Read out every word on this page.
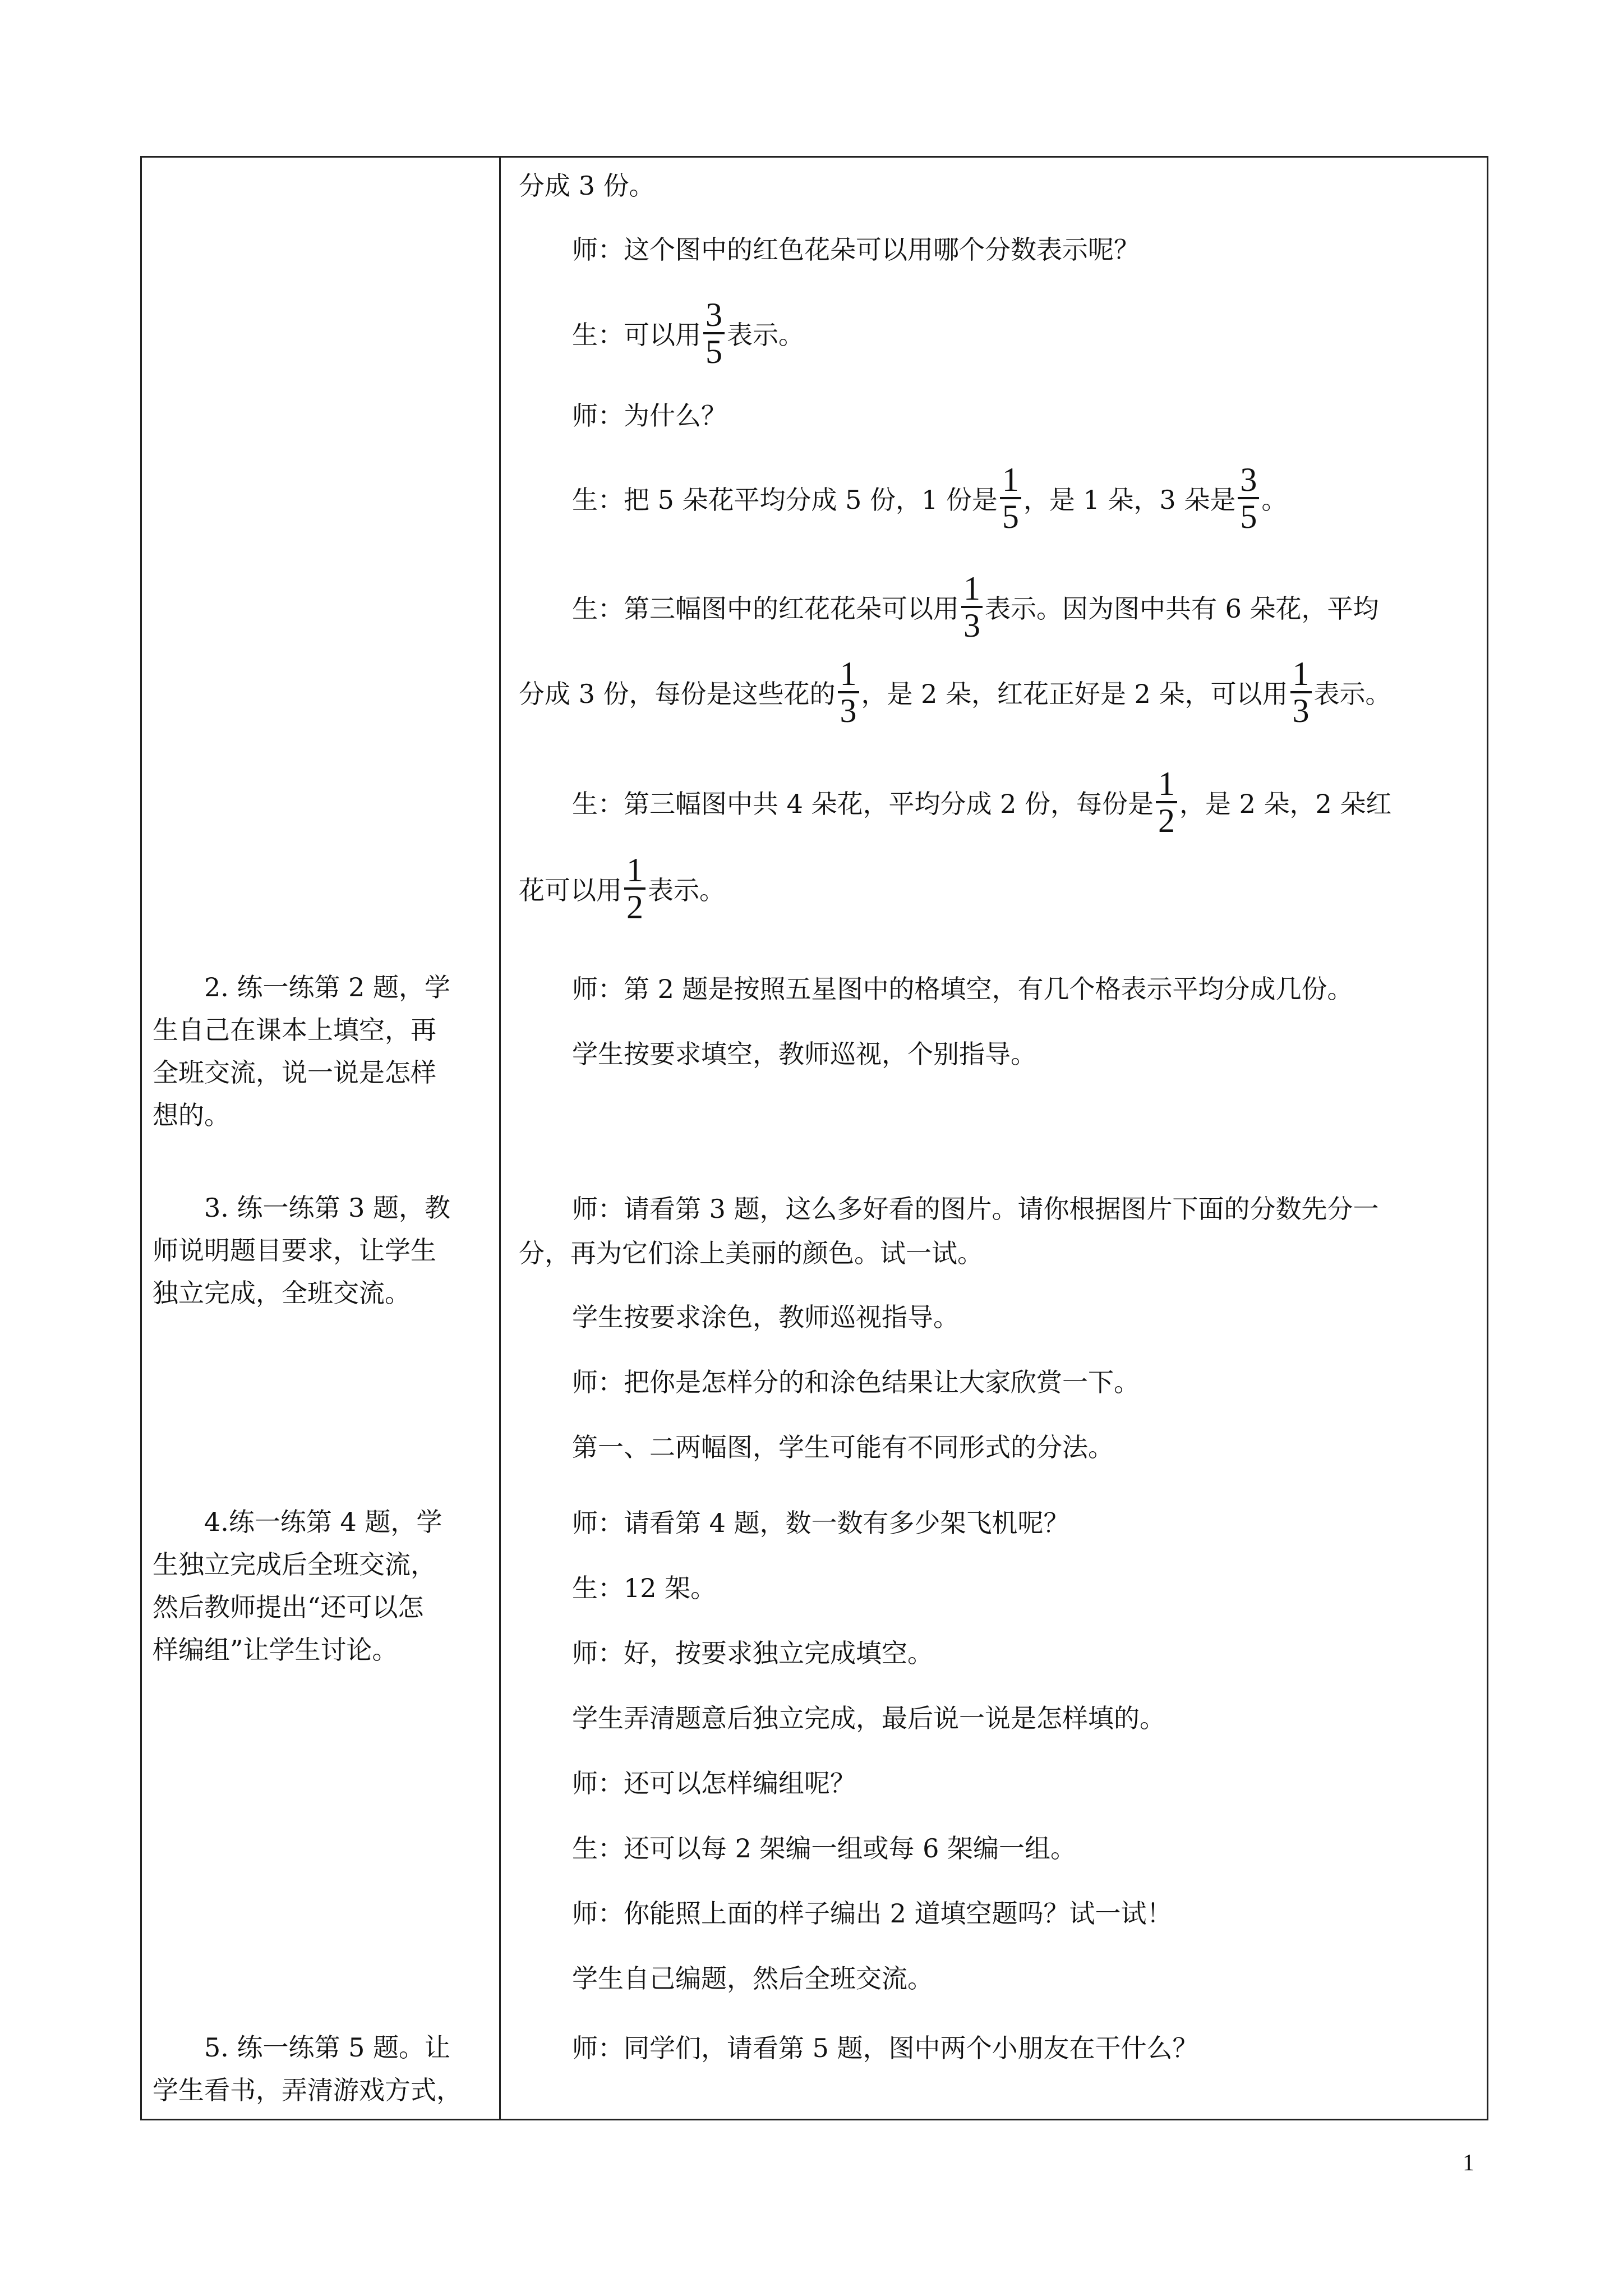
2. 练一练第 2 题，学
生自己在课本上填空，再
全班交流，说一说是怎样
想的。
3. 练一练第 3 题，教
师说明题目要求，让学生
独立完成，全班交流。
4.练一练第 4 题，学
生独立完成后全班交流，
然后教师提出“还可以怎
样编组”让学生讨论。
5. 练一练第 5 题。让
学生看书，弄清游戏方式，
分成 3 份。
师：这个图中的红色花朵可以用哪个分数表示呢？
生：可以用 $\frac{3}{5}$ 表示。
师：为什么？
生：把 5 朵花平均分成 5 份，1 份是 $\frac{1}{5}$ ，是 1 朵，3 朵是 $\frac{3}{5}$ 。
生：第三幅图中的红花花朵可以用 $\frac{1}{3}$ 表示。因为图中共有 6 朵花，平均
分成 3 份，每份是这些花的 $\frac{1}{3}$ ，是 2 朵，红花正好是 2 朵，可以用 $\frac{1}{3}$ 表示。
生：第三幅图中共 4 朵花，平均分成 2 份，每份是 $\frac{1}{2}$ ，是 2 朵，2 朵红
花可以用 $\frac{1}{2}$ 表示。
师：第 2 题是按照五星图中的格填空，有几个格表示平均分成几份。
学生按要求填空，教师巡视，个别指导。
师：请看第 3 题，这么多好看的图片。请你根据图片下面的分数先分一
分，再为它们涂上美丽的颜色。试一试。
学生按要求涂色，教师巡视指导。
师：把你是怎样分的和涂色结果让大家欣赏一下。
第一、二两幅图，学生可能有不同形式的分法。
师：请看第 4 题，数一数有多少架飞机呢？
生：12 架。
师：好，按要求独立完成填空。
学生弄清题意后独立完成，最后说一说是怎样填的。
师：还可以怎样编组呢？
生：还可以每 2 架编一组或每 6 架编一组。
师：你能照上面的样子编出 2 道填空题吗？试一试！
学生自己编题，然后全班交流。
师：同学们，请看第 5 题，图中两个小朋友在干什么？
1
